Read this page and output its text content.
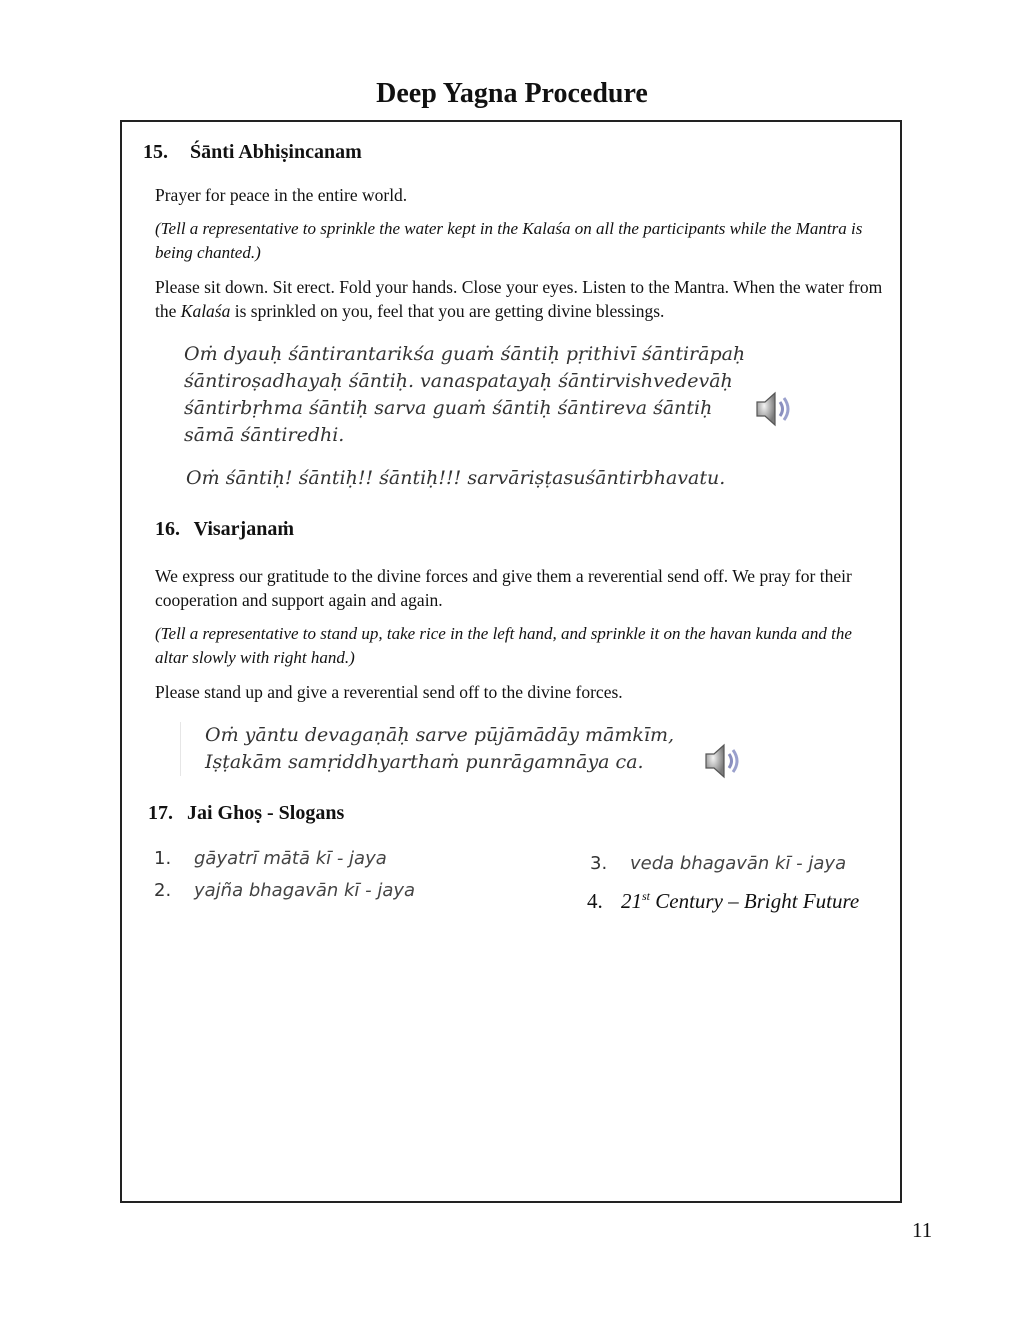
Deep Yagna Procedure
15. Śānti Abhiṣincanam
Prayer for peace in the entire world.
(Tell a representative to sprinkle the water kept in the Kalaśa on all the participants while the Mantra is being chanted.)
Please sit down. Sit erect. Fold your hands. Close your eyes. Listen to the Mantra. When the water from the Kalaśa is sprinkled on you, feel that you are getting divine blessings.
Oṁ dyauḥ śāntirantarikśa guaṁ śāntiḥ pṛithivī śāntirāpaḥ
śāntiroṣadhayaḥ śāntiḥ. vanaspatayaḥ śāntirvishvedevāḥ
śāntirbṛhma śāntiḥ sarva guaṁ śāntiḥ śāntireva śāntiḥ
sāmā śāntiredhi.
Oṁ śāntiḥ! śāntiḥ!! śāntiḥ!!! sarvāriṣṭasuśāntirbhavatu.
16. Visarjanaṁ
We express our gratitude to the divine forces and give them a reverential send off. We pray for their cooperation and support again and again.
(Tell a representative to stand up, take rice in the left hand, and sprinkle it on the havan kunda and the altar slowly with right hand.)
Please stand up and give a reverential send off to the divine forces.
Oṁ yāntu devagaṇāḥ sarve pūjāmādāy māmkīm,
Iṣṭakām samṛiddhyarthaṁ punrāgamnāya ca.
17. Jai Ghoṣ - Slogans
1. gāyatrī mātā kī - jaya
2. yajña bhagavān kī - jaya
3. veda bhagavān kī - jaya
4. 21st Century – Bright Future
11
